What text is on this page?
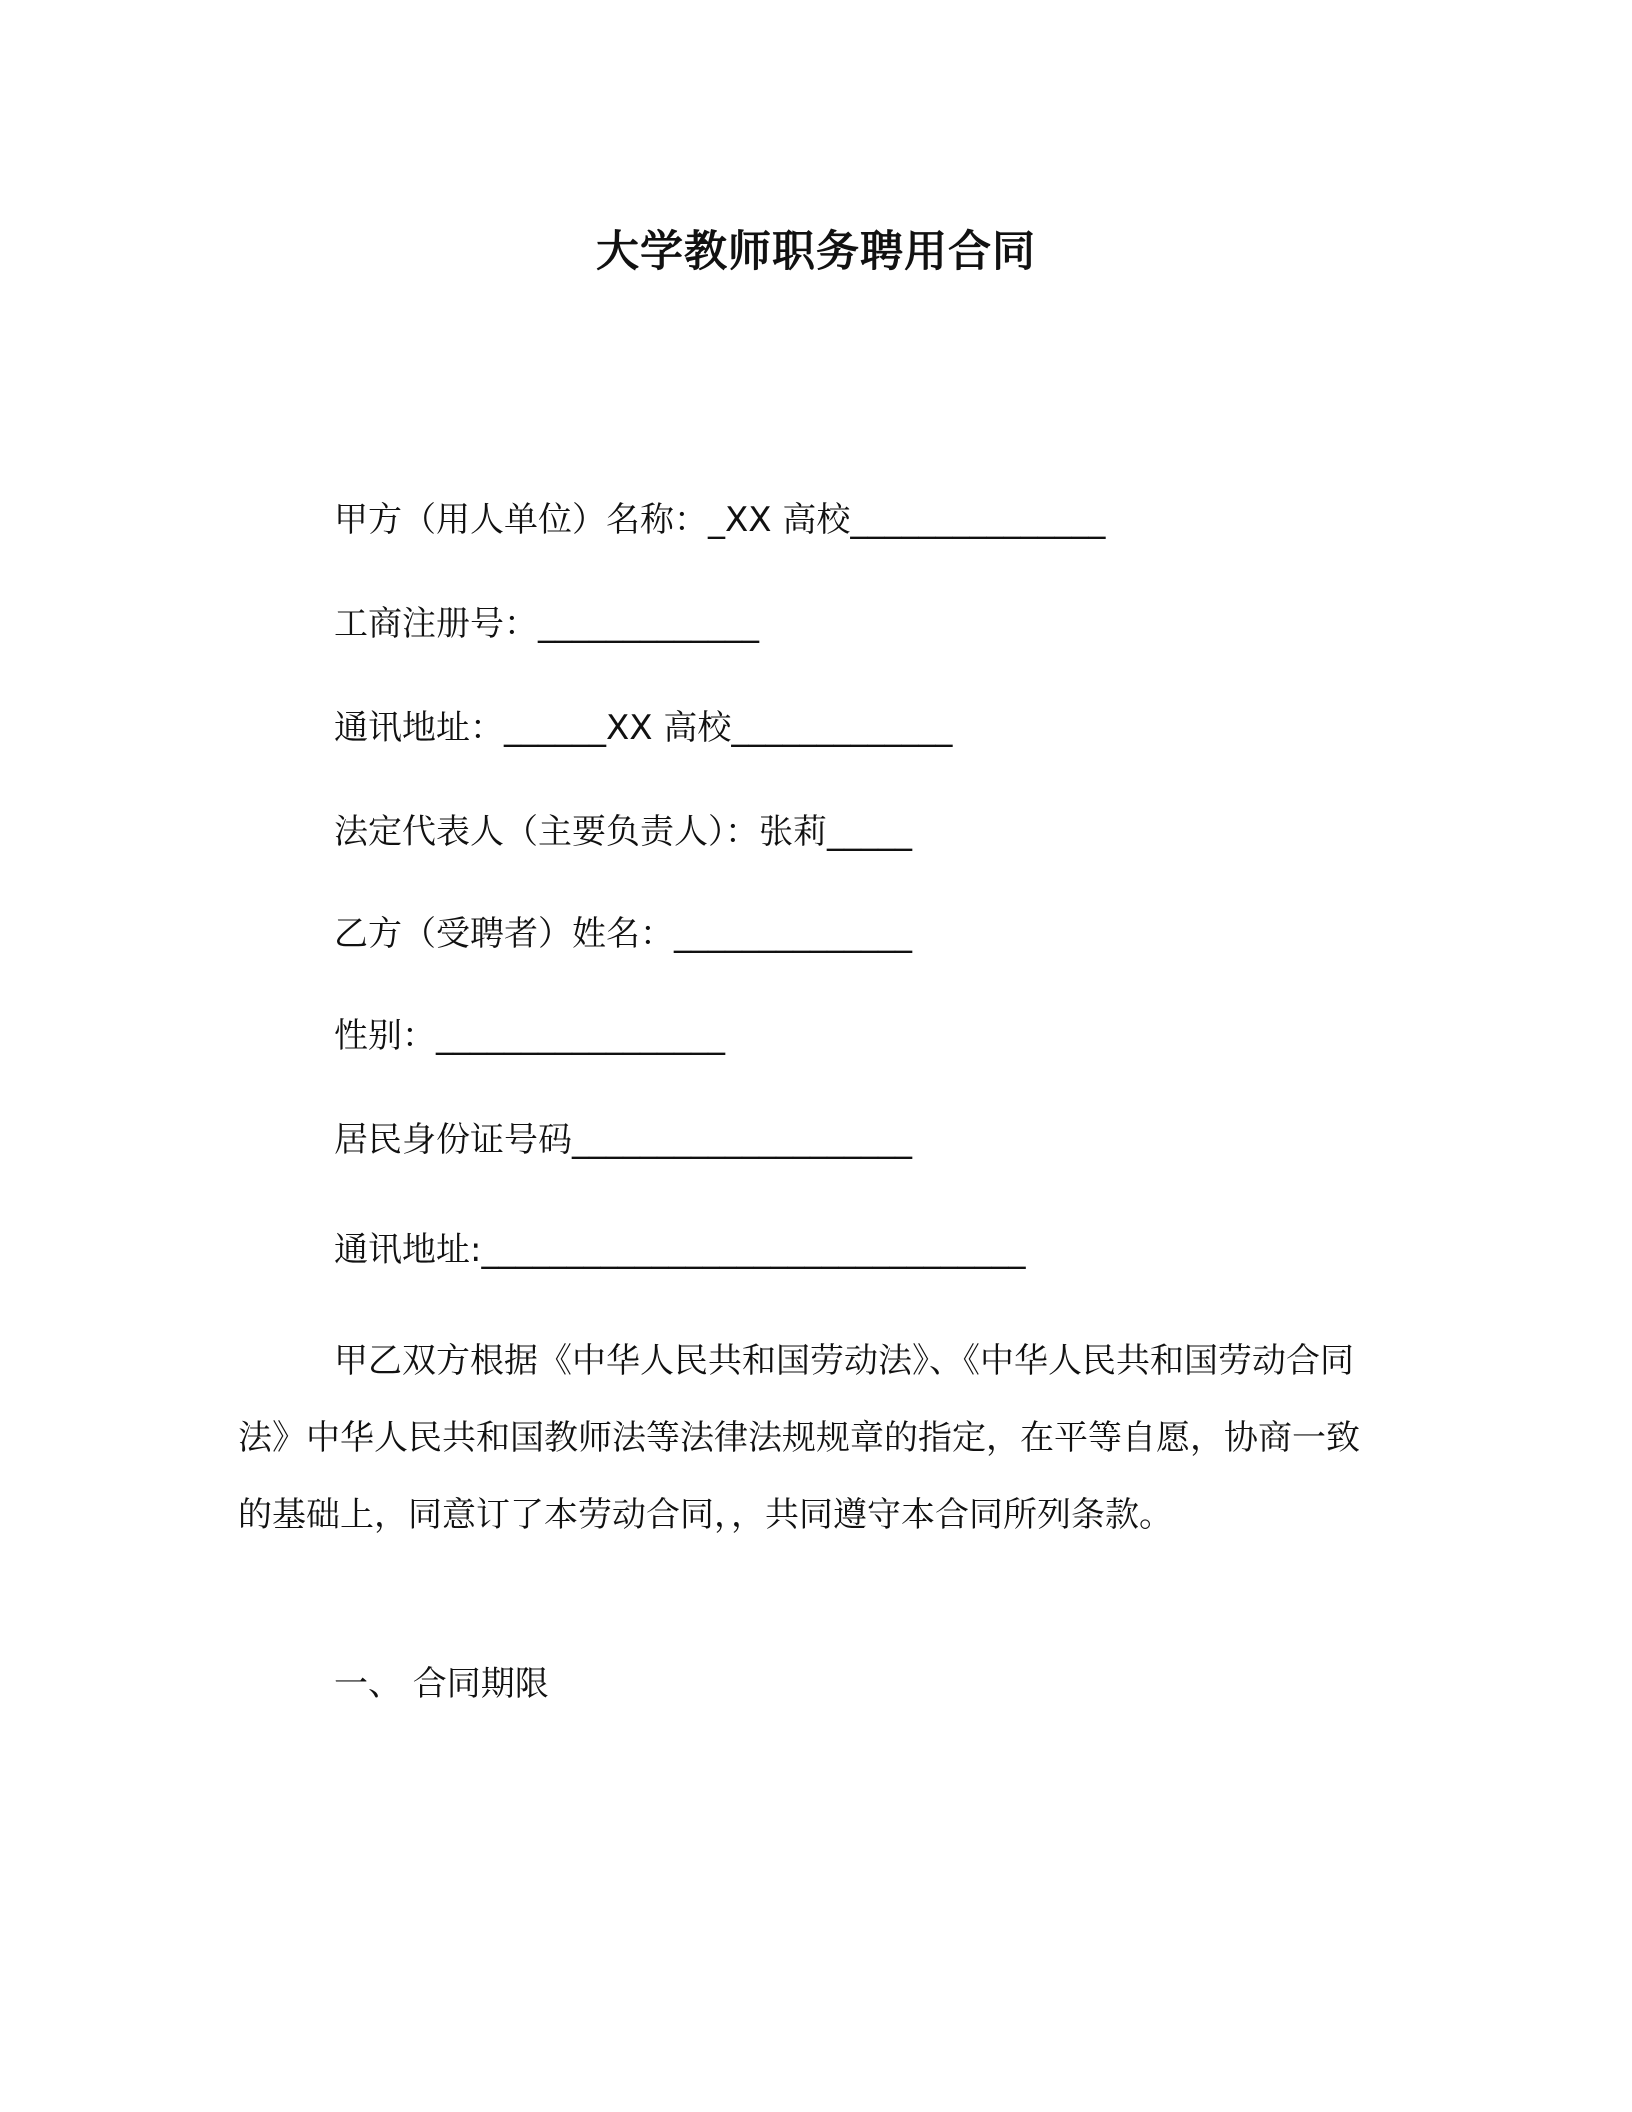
大学教师职务聘用合同
甲方（用人单位）名称：_XX 高校_______________
工商注册号：_____________
通讯地址：______XX 高校_____________
法定代表人（主要负责人）：张莉_____
乙方（受聘者）姓名：______________
性别：_________________
居民身份证号码____________________
通讯地址:________________________________
甲乙双方根据《中华人民共和国劳动法》、《中华人民共和国劳动合同法》中华人民共和国教师法等法律法规规章的指定，在平等自愿，协商一致的基础上，同意订了本劳动合同，，共同遵守本合同所列条款。
一、 合同期限
